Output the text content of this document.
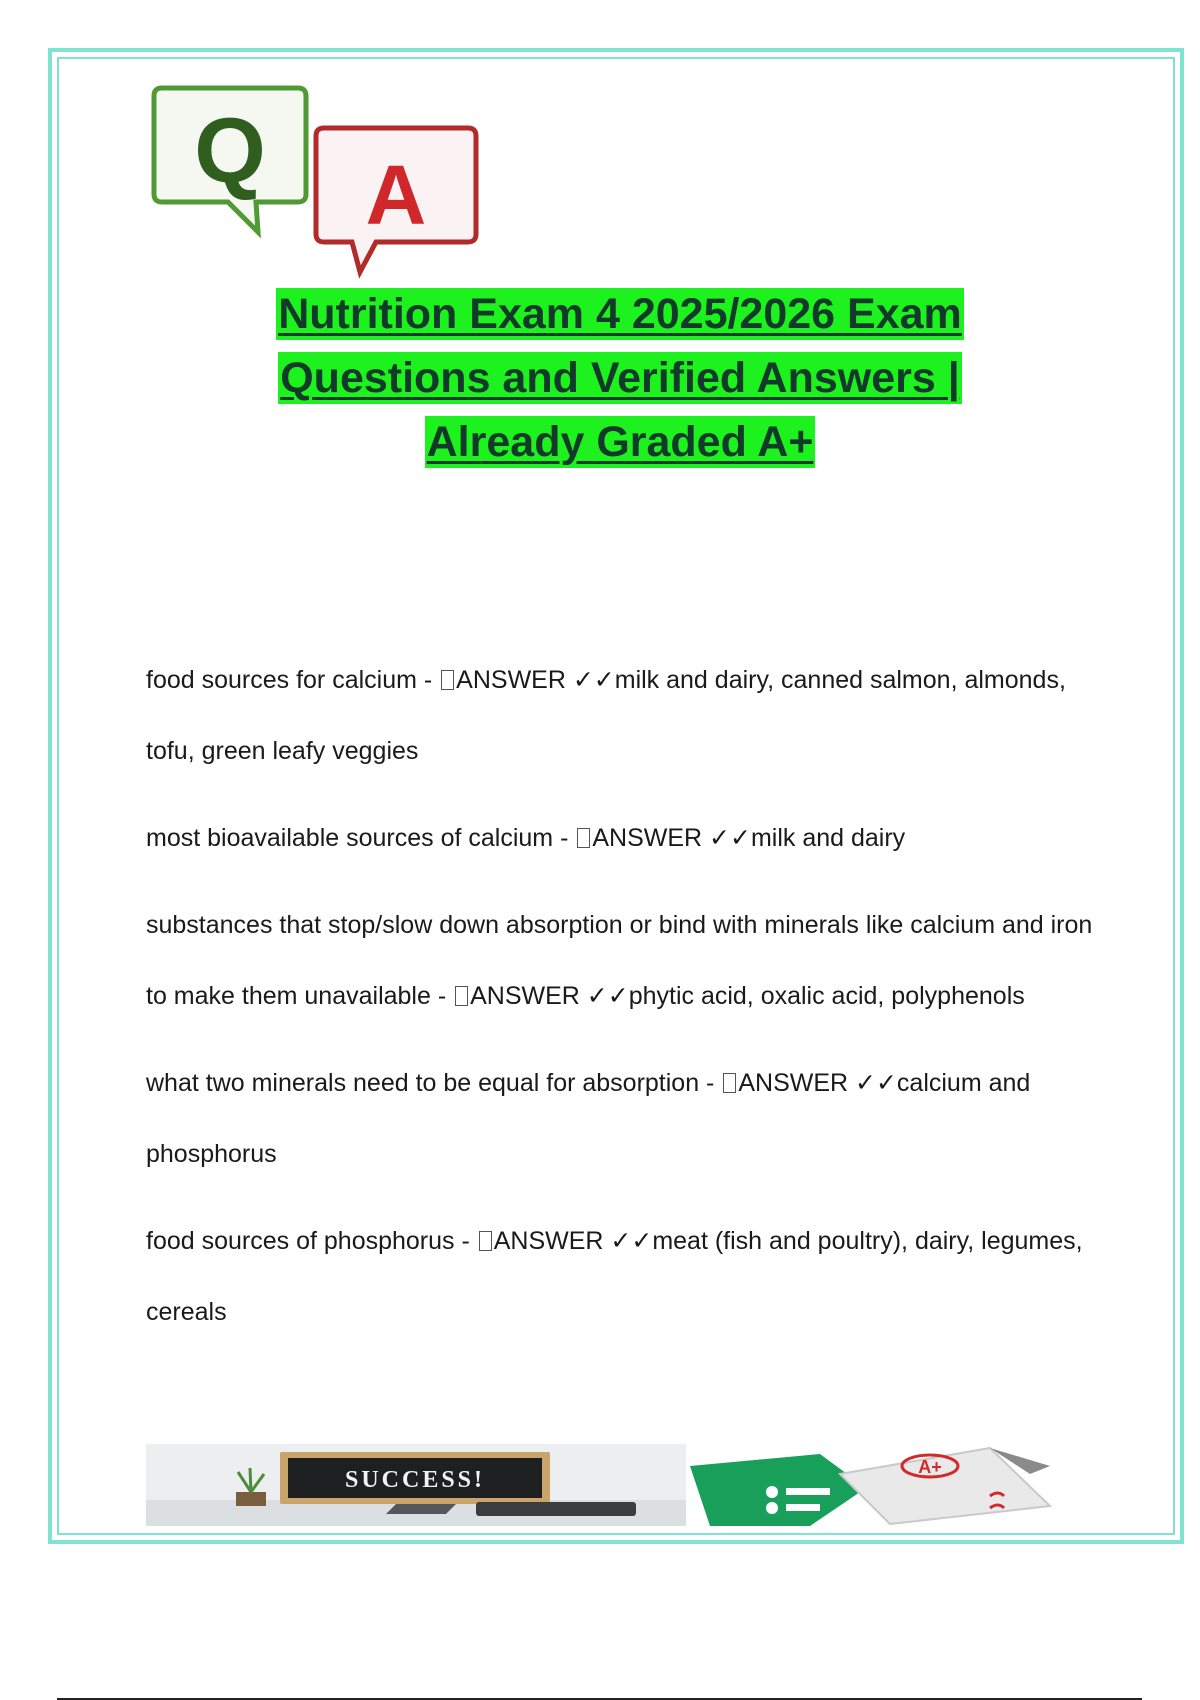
Q A
Nutrition Exam 4 2025/2026 Exam
Questions and Verified Answers |
Already Graded A+

food sources for calcium - ANSWER ✓✓milk and dairy, canned salmon, almonds, tofu, green leafy veggies

most bioavailable sources of calcium - ANSWER ✓✓milk and dairy

substances that stop/slow down absorption or bind with minerals like calcium and iron to make them unavailable - ANSWER ✓✓phytic acid, oxalic acid, polyphenols

what two minerals need to be equal for absorption - ANSWER ✓✓calcium and phosphorus

food sources of phosphorus - ANSWER ✓✓meat (fish and poultry), dairy, legumes, cereals

SUCCESS!	A+
